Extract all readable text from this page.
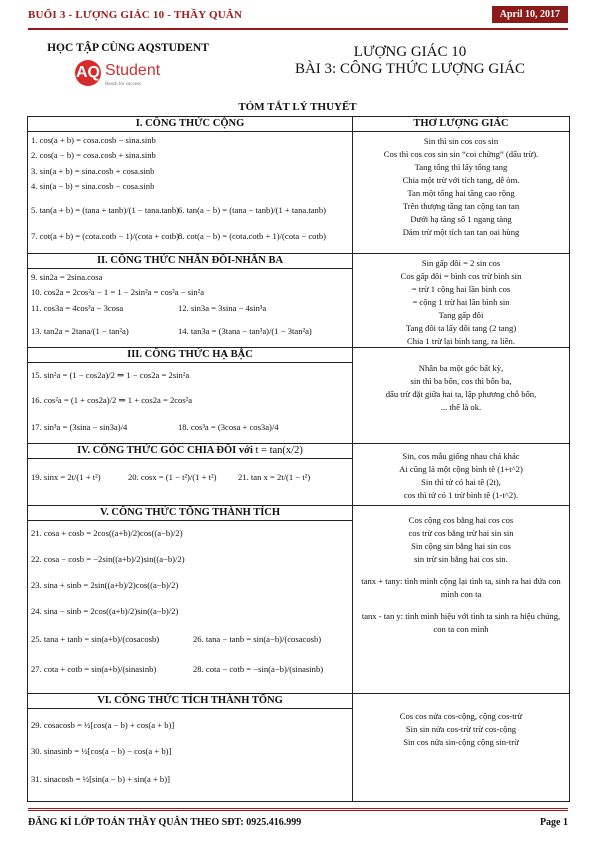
BUỔI 3 - LƯỢNG GIÁC 10 - THẦY QUÂN	April 10, 2017
HỌC TẬP CÙNG AQSTUDENT
AQ Student
Reach for success
LƯỢNG GIÁC 10
BÀI 3: CÔNG THỨC LƯỢNG GIÁC
TÓM TẮT LÝ THUYẾT
I. CÔNG THỨC CỘNG
1. cos(a + b) = cosa.cosb − sina.sinb
2. cos(a − b) = cosa.cosb + sina.sinb
3. sin(a + b) = sina.cosb + cosa.sinb
4. sin(a − b) = sina.cosb − cosa.sinb
5. tan(a + b) = (tana + tanb)/(1 − tana.tanb) 6. tan(a − b) = (tana − tanb)/(1 + tana.tanb)
7. cot(a + b) = (cota.cotb − 1)/(cota + cotb) 8. cot(a − b) = (cota.cotb + 1)/(cota − cotb)
THƠ LƯỢNG GIÁC
Sin thì sin cos cos sin
Cos thì cos cos sin sin “coi chừng” (dấu trừ).
Tang tổng thì lấy tổng tang
Chia một trừ với tích tang, dễ òm.
Tan một tổng hai tầng cao rộng
Trên thượng tầng tan cộng tan tan
Dưới hạ tầng số 1 ngang tàng
Dám trừ một tích tan tan oai hùng
II. CÔNG THỨC NHÂN ĐÔI-NHÂN BA
9. sin2a = 2sina.cosa
10. cos2a = 2cos²a − 1 = 1 − 2sin²a = cos²a − sin²a
11. cos3a = 4cos³a − 3cosa	12. sin3a = 3sina − 4sin³a
13. tan2a = 2tana/(1 − tan²a)	14. tan3a = (3tana − tan³a)/(1 − 3tan²a)
Sin gấp đôi = 2 sin cos
Cos gấp đôi = bình cos trừ bình sin
= trừ 1 cộng hai lần bình cos
= cộng 1 trừ hai lần bình sin
Tang gấp đôi
Tang đôi ta lấy đôi tang (2 tang)
Chia 1 trừ lại bình tang, ra liền.
III. CÔNG THỨC HẠ BẬC
15. sin²a = (1 − cos2a)/2 ⇒ 1 − cos2a = 2sin²a
16. cos²a = (1 + cos2a)/2 ⇒ 1 + cos2a = 2cos²a
17. sin³a = (3sina − sin3a)/4	18. cos³a = (3cosa + cos3a)/4
Nhân ba một góc bất kỳ,
sin thì ba bốn, cos thì bốn ba,
dấu trừ đặt giữa hai ta, lập phương chỗ bốn,
... thế là ok.
IV. CÔNG THỨC GÓC CHIA ĐÔI với t = tan(x/2)
19. sinx = 2t/(1 + t²)	20. cosx = (1 − t²)/(1 + t²)	21. tan x = 2t/(1 − t²)
Sin, cos mẫu giống nhau chả khác
Ai cũng là một cộng bình tê (1+t^2)
Sin thì tử có hai tê (2t),
cos thì tử có 1 trừ bình tê (1-t^2).
V. CÔNG THỨC TỔNG THÀNH TÍCH
21. cosa + cosb = 2cos((a+b)/2)cos((a−b)/2)
22. cosa − cosb = −2sin((a+b)/2)sin((a−b)/2)
23. sina + sinb = 2sin((a+b)/2)cos((a−b)/2)
24. sina − sinb = 2cos((a+b)/2)sin((a−b)/2)
25. tana + tanb = sin(a+b)/(cosacosb)	26. tana − tanb = sin(a−b)/(cosacosb)
27. cota + cotb = sin(a+b)/(sinasinb)	28. cota − cotb = −sin(a−b)/(sinasinb)
Cos cộng cos bằng hai cos cos
cos trừ cos bằng trừ hai sin sin
Sin cộng sin bằng hai sin cos
sin trừ sin bằng hai cos sin.
tanx + tany: tình mình cộng lại tình ta, sinh ra hai đứa con mình con ta
tanx - tan y: tình mình hiệu với tình ta sinh ra hiệu chúng, con ta con mình
VI. CÔNG THỨC TÍCH THÀNH TỔNG
29. cosacosb = ½[cos(a − b) + cos(a + b)]
30. sinasinb = ½[cos(a − b) − cos(a + b)]
31. sinacosb = ½[sin(a − b) + sin(a + b)]
Cos cos nửa cos-cộng, cộng cos-trừ
Sin sin nửa cos-trừ trừ cos-cộng
Sin cos nửa sin-cộng cộng sin-trừ
ĐĂNG KÍ LỚP TOÁN THẦY QUÂN THEO SĐT: 0925.416.999	Page 1
